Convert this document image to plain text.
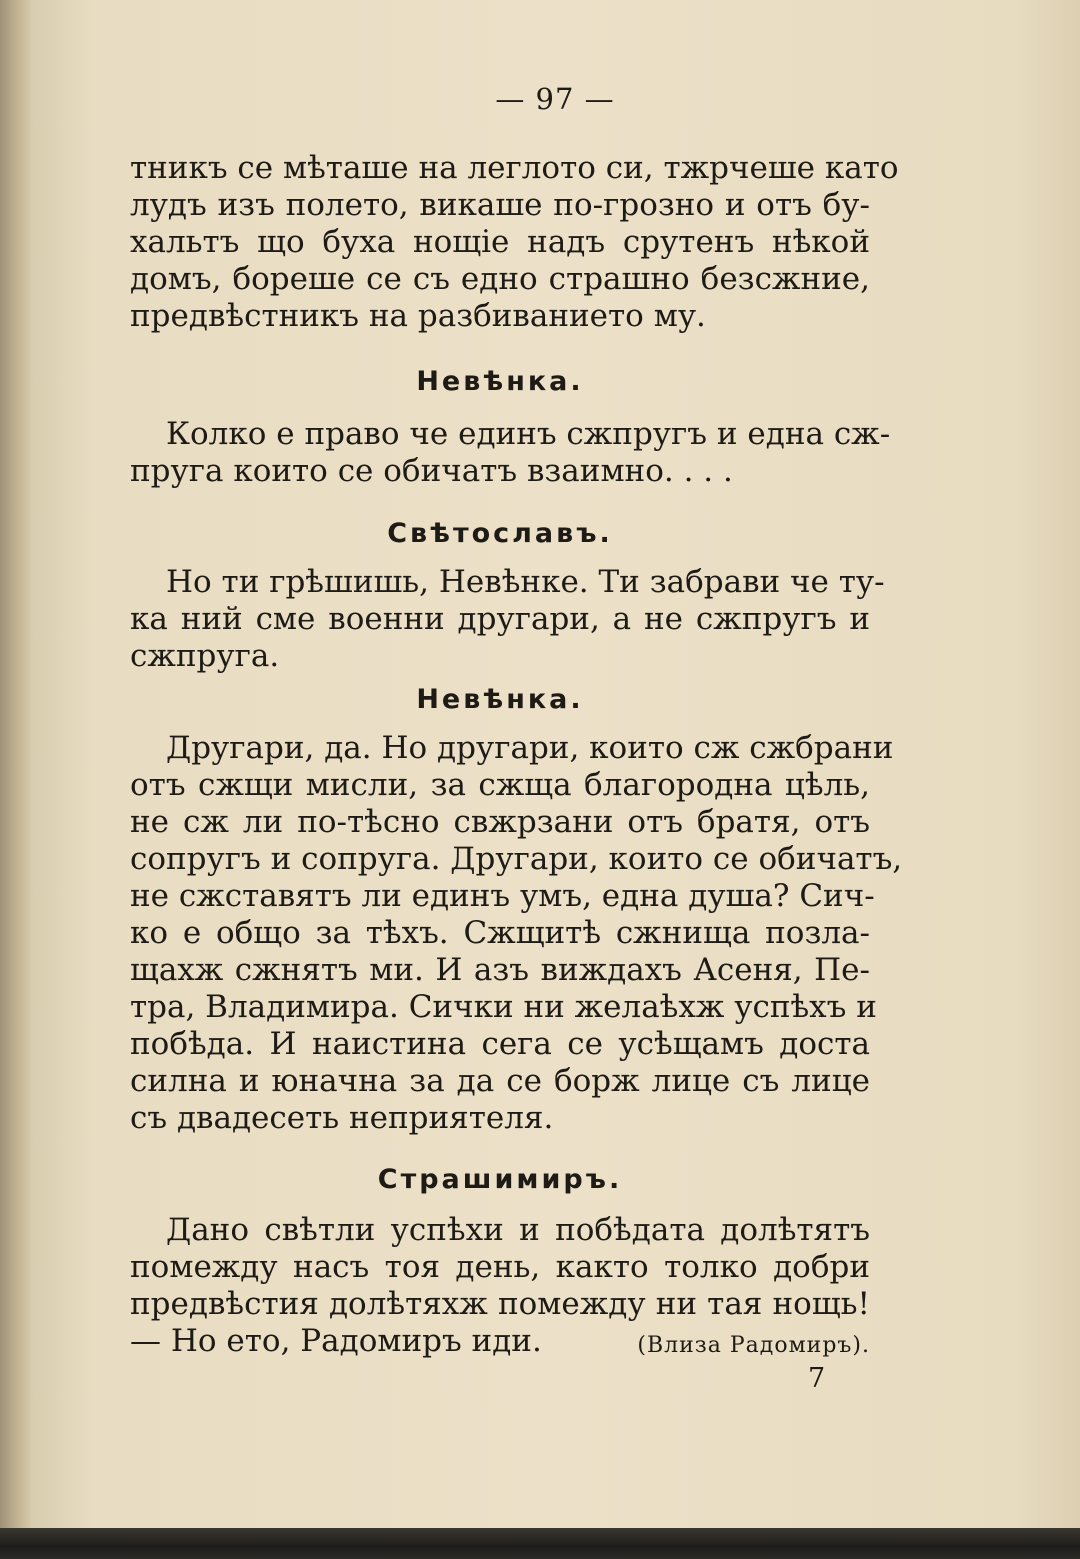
— 97 —
тникъ се мѣташе на леглото си, тжрчеше като
лудъ изъ полето, викаше по-грозно и отъ бу-
хальтъ що буха нощіе надъ срутенъ нѣкой
домъ, бореше се съ едно страшно безсжние,
предвѣстникъ на разбиванието му.
Невѣнка.
Колко е право че единъ сжпругъ и една сж-
пруга които се обичатъ взаимно. . . .
Свѣтославъ.
Но ти грѣшишь, Невѣнке. Ти забрави че ту-
ка ний сме военни другари, а не сжпругъ и
сжпруга.
Невѣнка.
Другари, да. Но другари, които сж сжбрани
отъ сжщи мисли, за сжща благородна цѣль,
не сж ли по-тѣсно свжрзани отъ братя, отъ
сопругъ и сопруга. Другари, които се обичатъ,
не сжставятъ ли единъ умъ, една душа? Сич-
ко е общо за тѣхъ. Сжщитѣ сжнища позла-
щахж сжнятъ ми. И азъ виждахъ Асеня, Пе-
тра, Владимира. Сички ни желаѣхж успѣхъ и
побѣда. И наистина сега се усѣщамъ доста
силна и юначна за да се борж лице съ лице
съ двадесеть неприятеля.
Страшимиръ.
Дано свѣтли успѣхи и побѣдата долѣтятъ
помежду насъ тоя день, както толко добри
предвѣстия долѣтяхж помежду ни тая нощь!
— Но ето, Радомиръ иди.	(Влиза Радомиръ).
7
